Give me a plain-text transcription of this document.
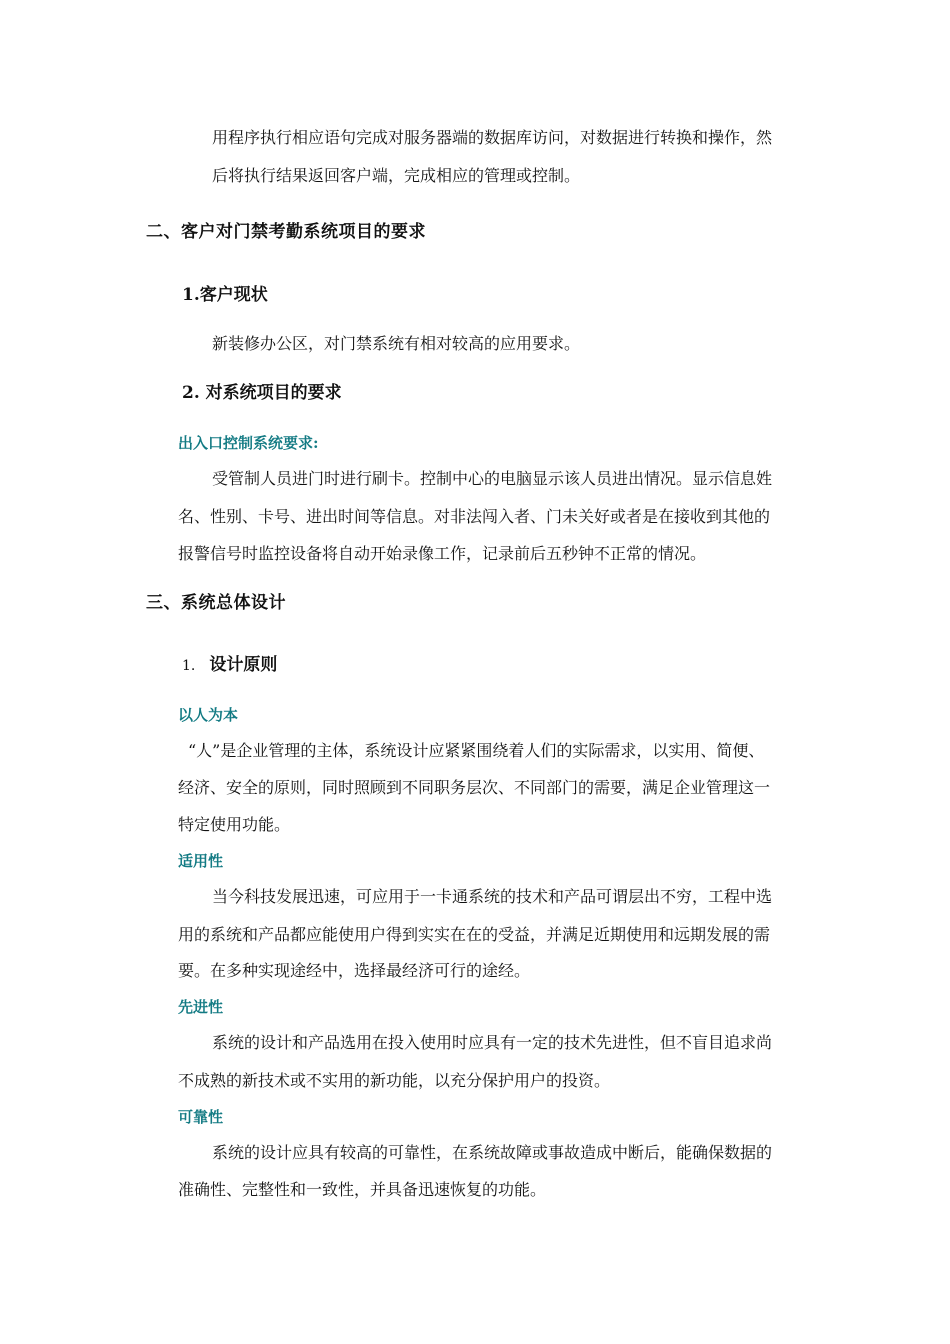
用程序执行相应语句完成对服务器端的数据库访问，对数据进行转换和操作，然
后将执行结果返回客户端，完成相应的管理或控制。
二、客户对门禁考勤系统项目的要求
1.客户现状
新装修办公区，对门禁系统有相对较高的应用要求。
2. 对系统项目的要求
出入口控制系统要求:
受管制人员进门时进行刷卡。控制中心的电脑显示该人员进出情况。显示信息姓
名、性别、卡号、进出时间等信息。对非法闯入者、门未关好或者是在接收到其他的
报警信号时监控设备将自动开始录像工作，记录前后五秒钟不正常的情况。
三、系统总体设计
1. 设计原则
以人为本
“人”是企业管理的主体，系统设计应紧紧围绕着人们的实际需求，以实用、简便、
经济、安全的原则，同时照顾到不同职务层次、不同部门的需要，满足企业管理这一
特定使用功能。
适用性
当今科技发展迅速，可应用于一卡通系统的技术和产品可谓层出不穷，工程中选
用的系统和产品都应能使用户得到实实在在的受益，并满足近期使用和远期发展的需
要。在多种实现途经中，选择最经济可行的途经。
先进性
系统的设计和产品选用在投入使用时应具有一定的技术先进性，但不盲目追求尚
不成熟的新技术或不实用的新功能，以充分保护用户的投资。
可靠性
系统的设计应具有较高的可靠性，在系统故障或事故造成中断后，能确保数据的
准确性、完整性和一致性，并具备迅速恢复的功能。
